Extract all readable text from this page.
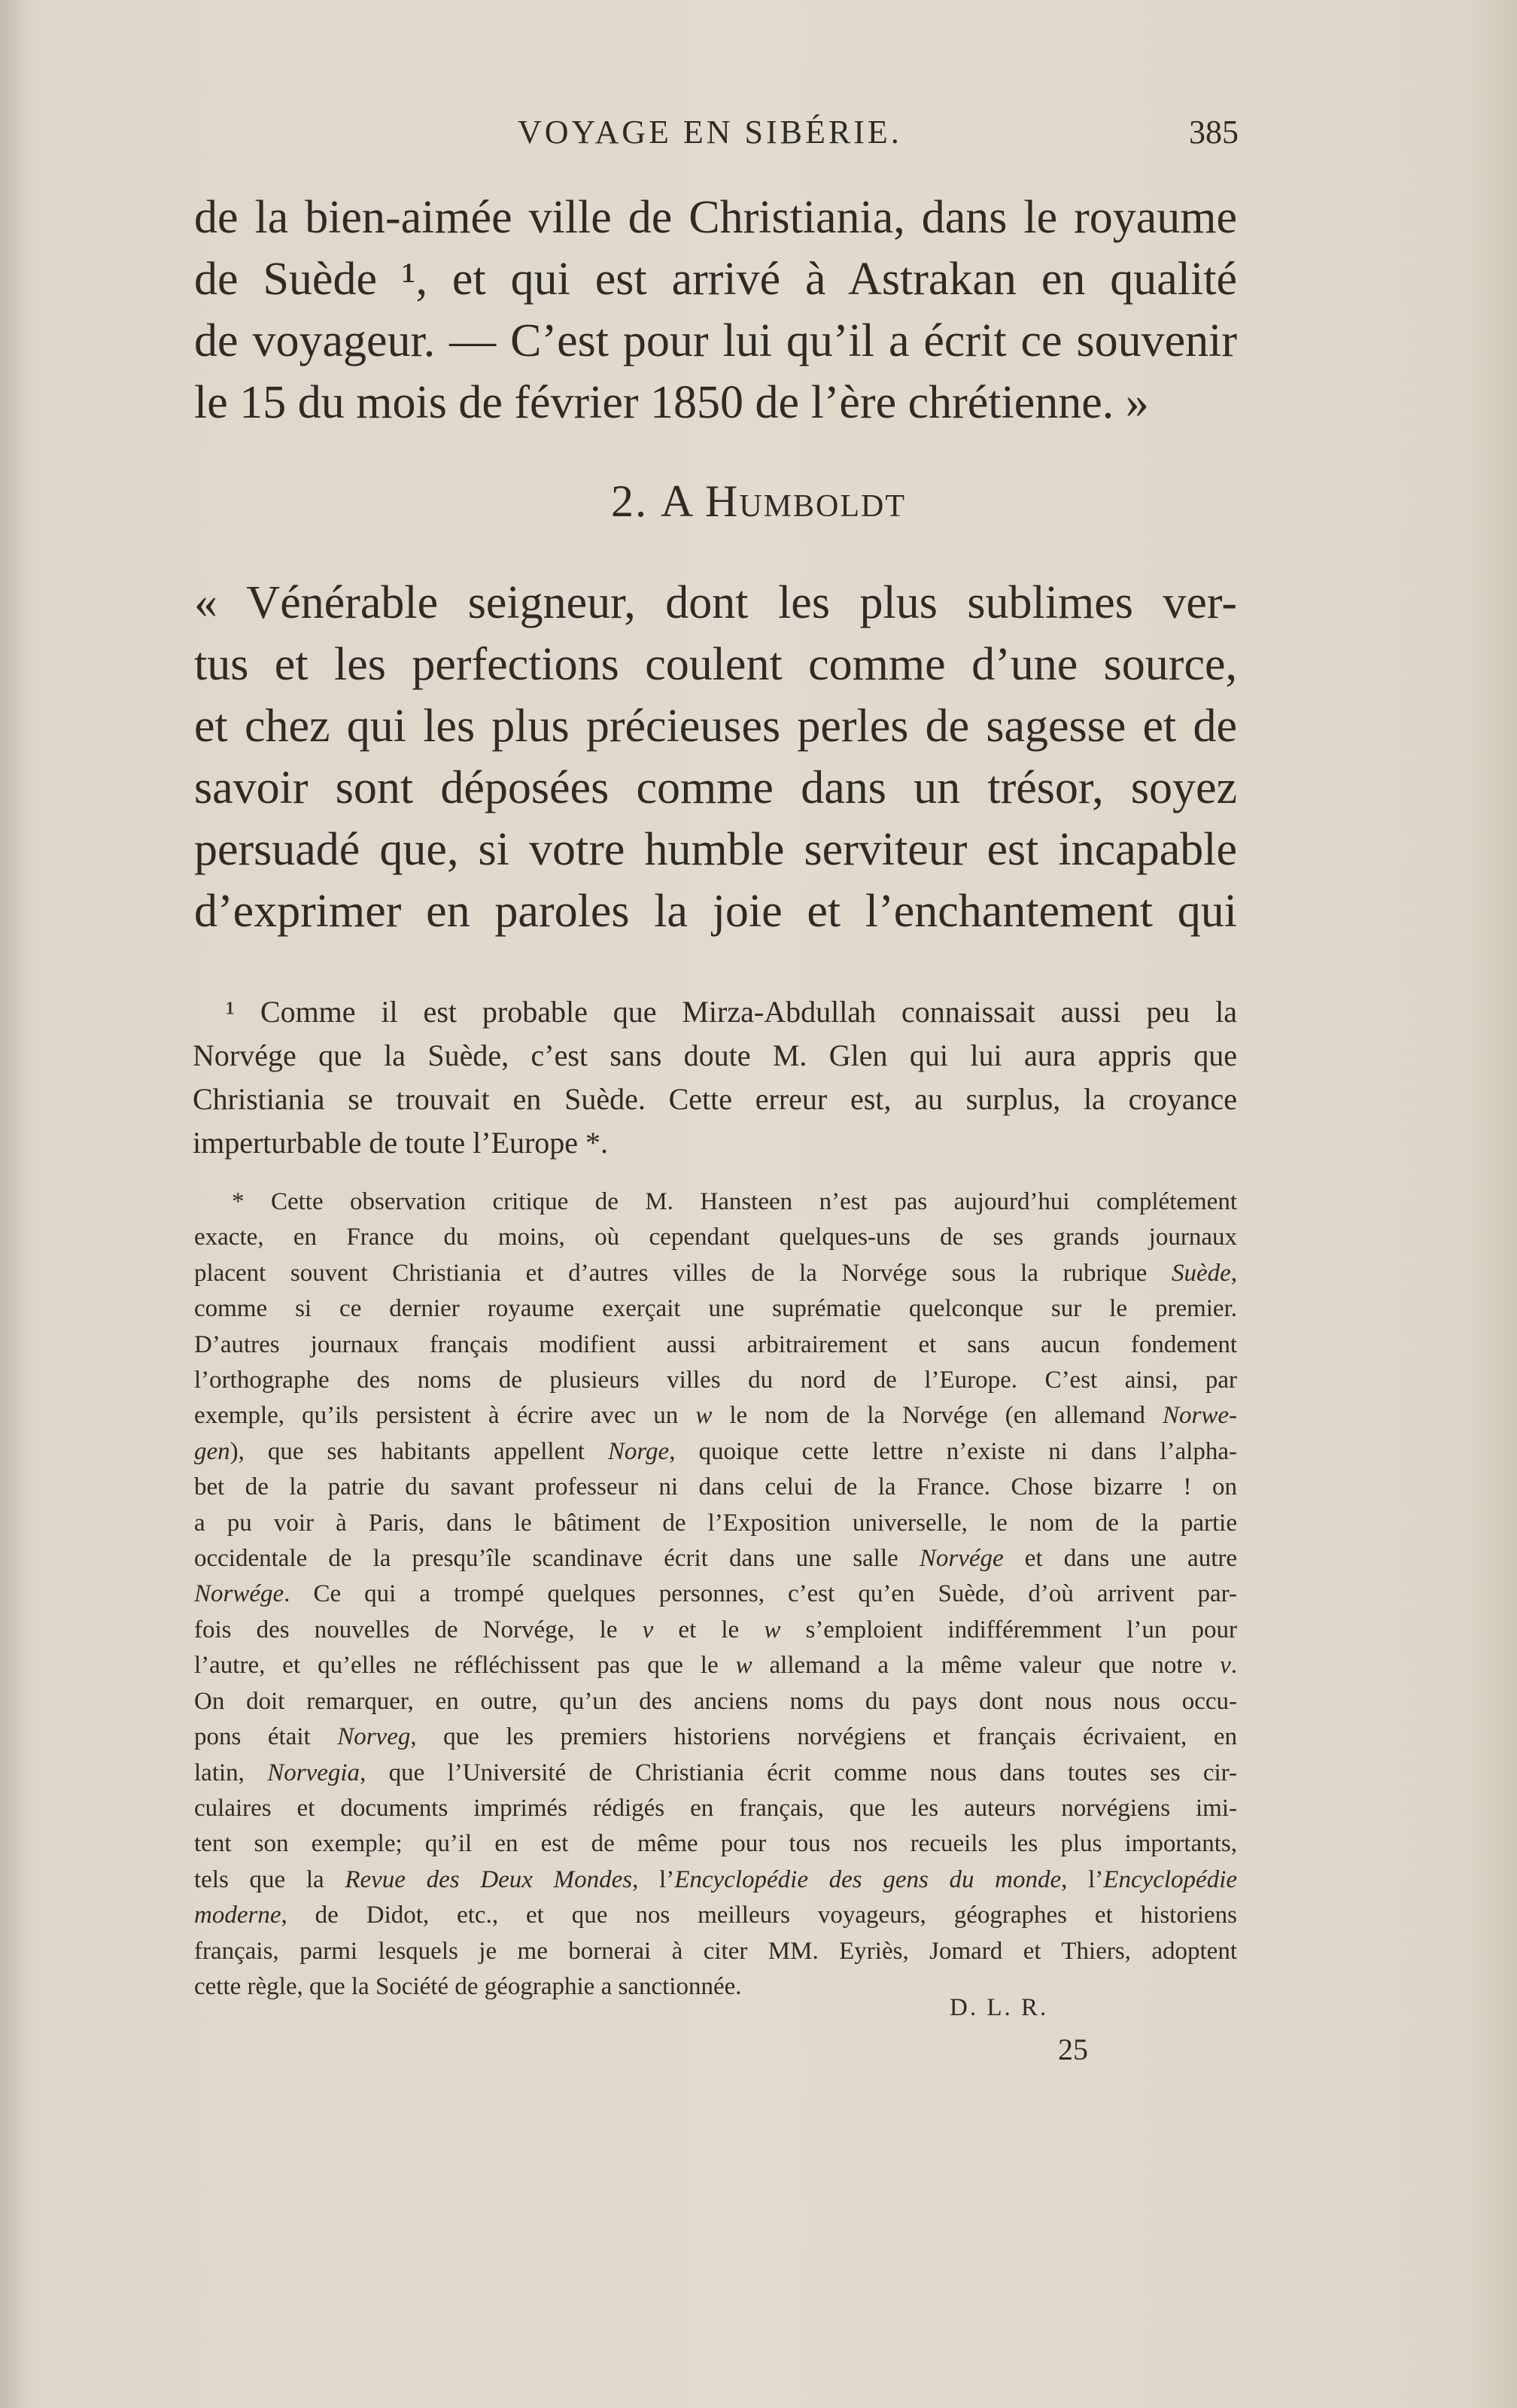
VOYAGE EN SIBÉRIE.	385
de la bien-aimée ville de Christiania, dans le royaume
de Suède ¹, et qui est arrivé à Astrakan en qualité
de voyageur. — C’est pour lui qu’il a écrit ce souvenir
le 15 du mois de février 1850 de l’ère chrétienne. »
2. A Humboldt
« Vénérable seigneur, dont les plus sublimes ver-
tus et les perfections coulent comme d’une source,
et chez qui les plus précieuses perles de sagesse et de
savoir sont déposées comme dans un trésor, soyez
persuadé que, si votre humble serviteur est incapable
d’exprimer en paroles la joie et l’enchantement qui
¹ Comme il est probable que Mirza-Abdullah connaissait aussi peu la
Norvége que la Suède, c’est sans doute M. Glen qui lui aura appris que
Christiania se trouvait en Suède. Cette erreur est, au surplus, la croyance
imperturbable de toute l’Europe *.
* Cette observation critique de M. Hansteen n’est pas aujourd’hui complétement
exacte, en France du moins, où cependant quelques-uns de ses grands journaux
placent souvent Christiania et d’autres villes de la Norvége sous la rubrique Suède,
comme si ce dernier royaume exerçait une suprématie quelconque sur le premier.
D’autres journaux français modifient aussi arbitrairement et sans aucun fondement
l’orthographe des noms de plusieurs villes du nord de l’Europe. C’est ainsi, par
exemple, qu’ils persistent à écrire avec un w le nom de la Norvége (en allemand Norwe-
gen), que ses habitants appellent Norge, quoique cette lettre n’existe ni dans l’alpha-
bet de la patrie du savant professeur ni dans celui de la France. Chose bizarre ! on
a pu voir à Paris, dans le bâtiment de l’Exposition universelle, le nom de la partie
occidentale de la presqu’île scandinave écrit dans une salle Norvége et dans une autre
Norwége. Ce qui a trompé quelques personnes, c’est qu’en Suède, d’où arrivent par-
fois des nouvelles de Norvége, le v et le w s’emploient indifféremment l’un pour
l’autre, et qu’elles ne réfléchissent pas que le w allemand a la même valeur que notre v.
On doit remarquer, en outre, qu’un des anciens noms du pays dont nous nous occu-
pons était Norveg, que les premiers historiens norvégiens et français écrivaient, en
latin, Norvegia, que l’Université de Christiania écrit comme nous dans toutes ses cir-
culaires et documents imprimés rédigés en français, que les auteurs norvégiens imi-
tent son exemple; qu’il en est de même pour tous nos recueils les plus importants,
tels que la Revue des Deux Mondes, l’Encyclopédie des gens du monde, l’Encyclopédie
moderne, de Didot, etc., et que nos meilleurs voyageurs, géographes et historiens
français, parmi lesquels je me bornerai à citer MM. Eyriès, Jomard et Thiers, adoptent
cette règle, que la Société de géographie a sanctionnée.
D. L. R.
25
